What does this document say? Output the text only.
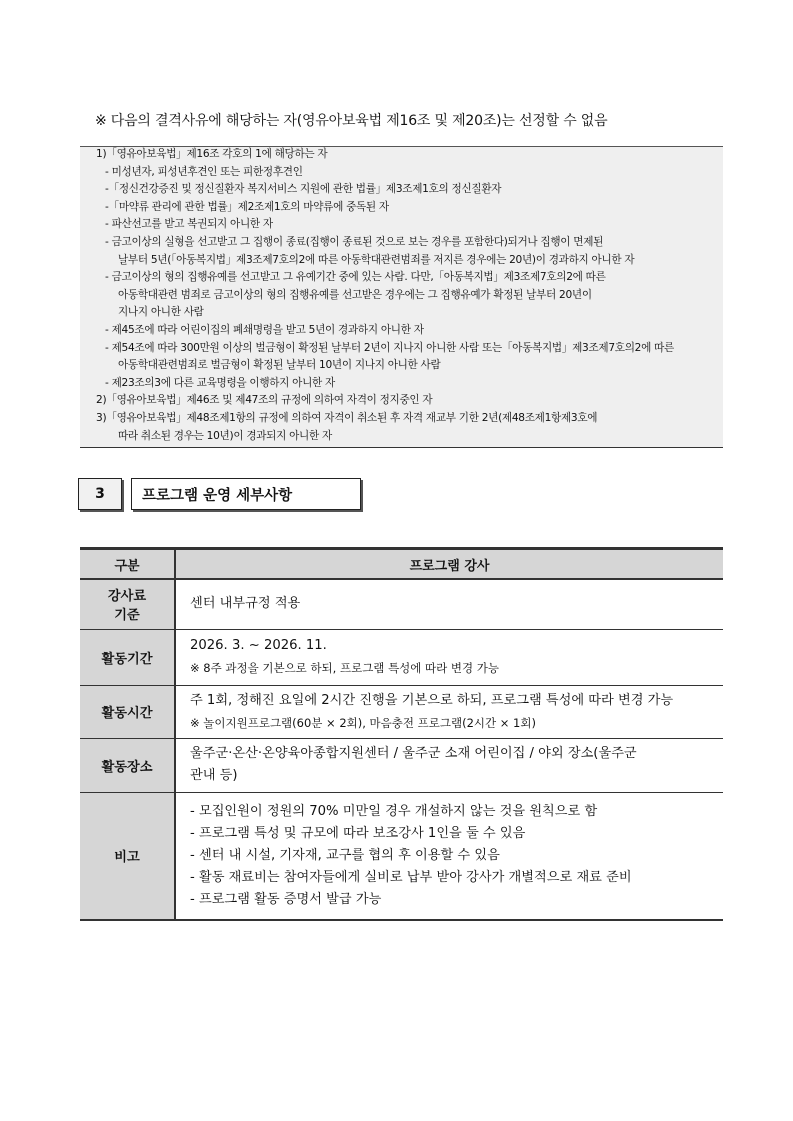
※ 다음의 결격사유에 해당하는 자(영유아보육법 제16조 및 제20조)는 선정할 수 없음
1)「영유아보육법」제16조 각호의 1에 해당하는 자
- 미성년자, 피성년후견인 또는 피한정후견인
-「정신건강증진 및 정신질환자 복지서비스 지원에 관한 법률」제3조제1호의 정신질환자
-「마약류 관리에 관한 법률」제2조제1호의 마약류에 중독된 자
- 파산선고를 받고 복권되지 아니한 자
- 금고이상의 실형을 선고받고 그 집행이 종료(집행이 종료된 것으로 보는 경우를 포함한다)되거나 집행이 면제된
날부터 5년(「아동복지법」제3조제7호의2에 따른 아동학대관련범죄를 저지른 경우에는 20년)이 경과하지 아니한 자
- 금고이상의 형의 집행유예를 선고받고 그 유예기간 중에 있는 사람. 다만,「아동복지법」제3조제7호의2에 따른
아동학대관련 범죄로 금고이상의 형의 집행유예를 선고받은 경우에는 그 집행유예가 확정된 날부터 20년이
지나지 아니한 사람
- 제45조에 따라 어린이집의 폐쇄명령을 받고 5년이 경과하지 아니한 자
- 제54조에 따라 300만원 이상의 벌금형이 확정된 날부터 2년이 지나지 아니한 사람 또는「아동복지법」제3조제7호의2에 따른
아동학대관련범죄로 벌금형이 확정된 날부터 10년이 지나지 아니한 사람
- 제23조의3에 다른 교육명령을 이행하지 아니한 자
2)「영유아보육법」제46조 및 제47조의 규정에 의하여 자격이 정지중인 자
3)「영유아보육법」제48조제1항의 규정에 의하여 자격이 취소된 후 자격 재교부 기한 2년(제48조제1항제3호에
따라 취소된 경우는 10년)이 경과되지 아니한 자
3	프로그램 운영 세부사항
구분	프로그램 강사

강사료
기준	센터 내부규정 적용

활동기간	2026. 3. ~ 2026. 11.
※ 8주 과정을 기본으로 하되, 프로그램 특성에 따라 변경 가능

활동시간	주 1회, 정해진 요일에 2시간 진행을 기본으로 하되, 프로그램 특성에 따라 변경 가능
※ 놀이지원프로그램(60분 × 2회), 마음충전 프로그램(2시간 × 1회)

활동장소	울주군·온산·온양육아종합지원센터 / 울주군 소재 어린이집 / 야외 장소(울주군
관내 등)

비고	- 모집인원이 정원의 70% 미만일 경우 개설하지 않는 것을 원칙으로 함
- 프로그램 특성 및 규모에 따라 보조강사 1인을 둘 수 있음
- 센터 내 시설, 기자재, 교구를 협의 후 이용할 수 있음
- 활동 재료비는 참여자들에게 실비로 납부 받아 강사가 개별적으로 재료 준비
- 프로그램 활동 증명서 발급 가능
